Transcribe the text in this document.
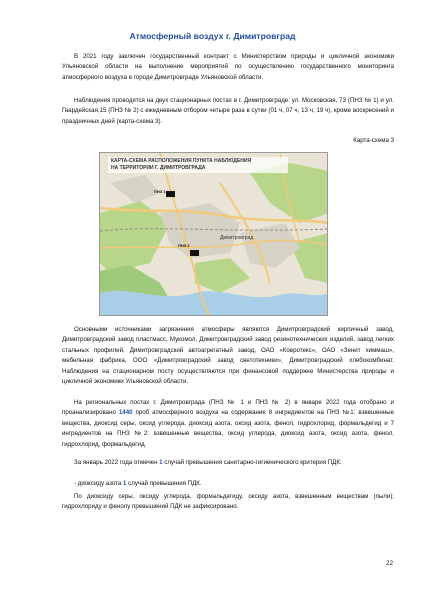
Атмосферный воздух г. Димитровград

В 2021 году заключен государственный контракт с Министерством природы и цикличной экономики Ульяновской области на выполнение мероприятий по осуществлению государственного мониторинга атмосферного воздуха в городе Димитровграде Ульяновской области.

Наблюдения проводятся на двух стационарных постах в г. Димитровграде: ул. Московская, 73 (ПНЗ № 1) и ул. Гвардейская,15 (ПНЗ № 2) с ежедневным отбором четыре раза в сутки (01 ч, 07 ч, 13 ч, 19 ч), кроме воскресений и праздничных дней (карта-схема 3).

Карта-схема 3
КАРТА-СХЕМА РАСПОЛОЖЕНИЯ ПУНКТА НАБЛЮДЕНИЯ
НА ТЕРРИТОРИИ Г. ДИМИТРОВГРАДА
ПНЗ 1
ПНЗ 2
Димитровград

Основными источниками загрязнения атмосферы являются Димитровградский кирпичный завод, Димитровградский завод пластмасс, Мукомол, Димитровградский завод резинотехнических изделий, завод легких стальных профилей, Димитровградский автоагрегатный завод, ОАО «Ковротекс», ОАО «Зенит химмаш», мебельная фабрика, ООО «Димитровградский завод светотехники», Димитровградский хлебокомбинат. Наблюдения на стационарном посту осуществляются при финансовой поддержке Министерства природы и цикличной экономики Ульяновской области.

На региональных постах г. Димитровграда (ПНЗ № 1 и ПНЗ № 2) в январе 2022 года отобрано и проанализировано 1440 проб атмосферного воздуха на содержание 8 ингредиентов на ПНЗ №1: взвешенные вещества, диоксид серы, оксид углерода, диоксид азота, оксид азота, фенол, гидрохлорид, формальдегид и 7 ингредиентов на ПНЗ №2: взвешенные вещества, оксид углерода, диоксид азота, оксид азота, фенол, гидрохлорид, формальдегид.

За январь 2022 года отмечен 1 случай превышения санитарно-гигиенического критерия ПДК:

- диоксиду азота 1 случай превышения ПДК.

По диоксиду серы, оксиду углерода, формальдегиду, оксиду азота, взвешенным веществам (пыли); гидрохлориду и фенолу превышений ПДК не зафиксировано.

22
